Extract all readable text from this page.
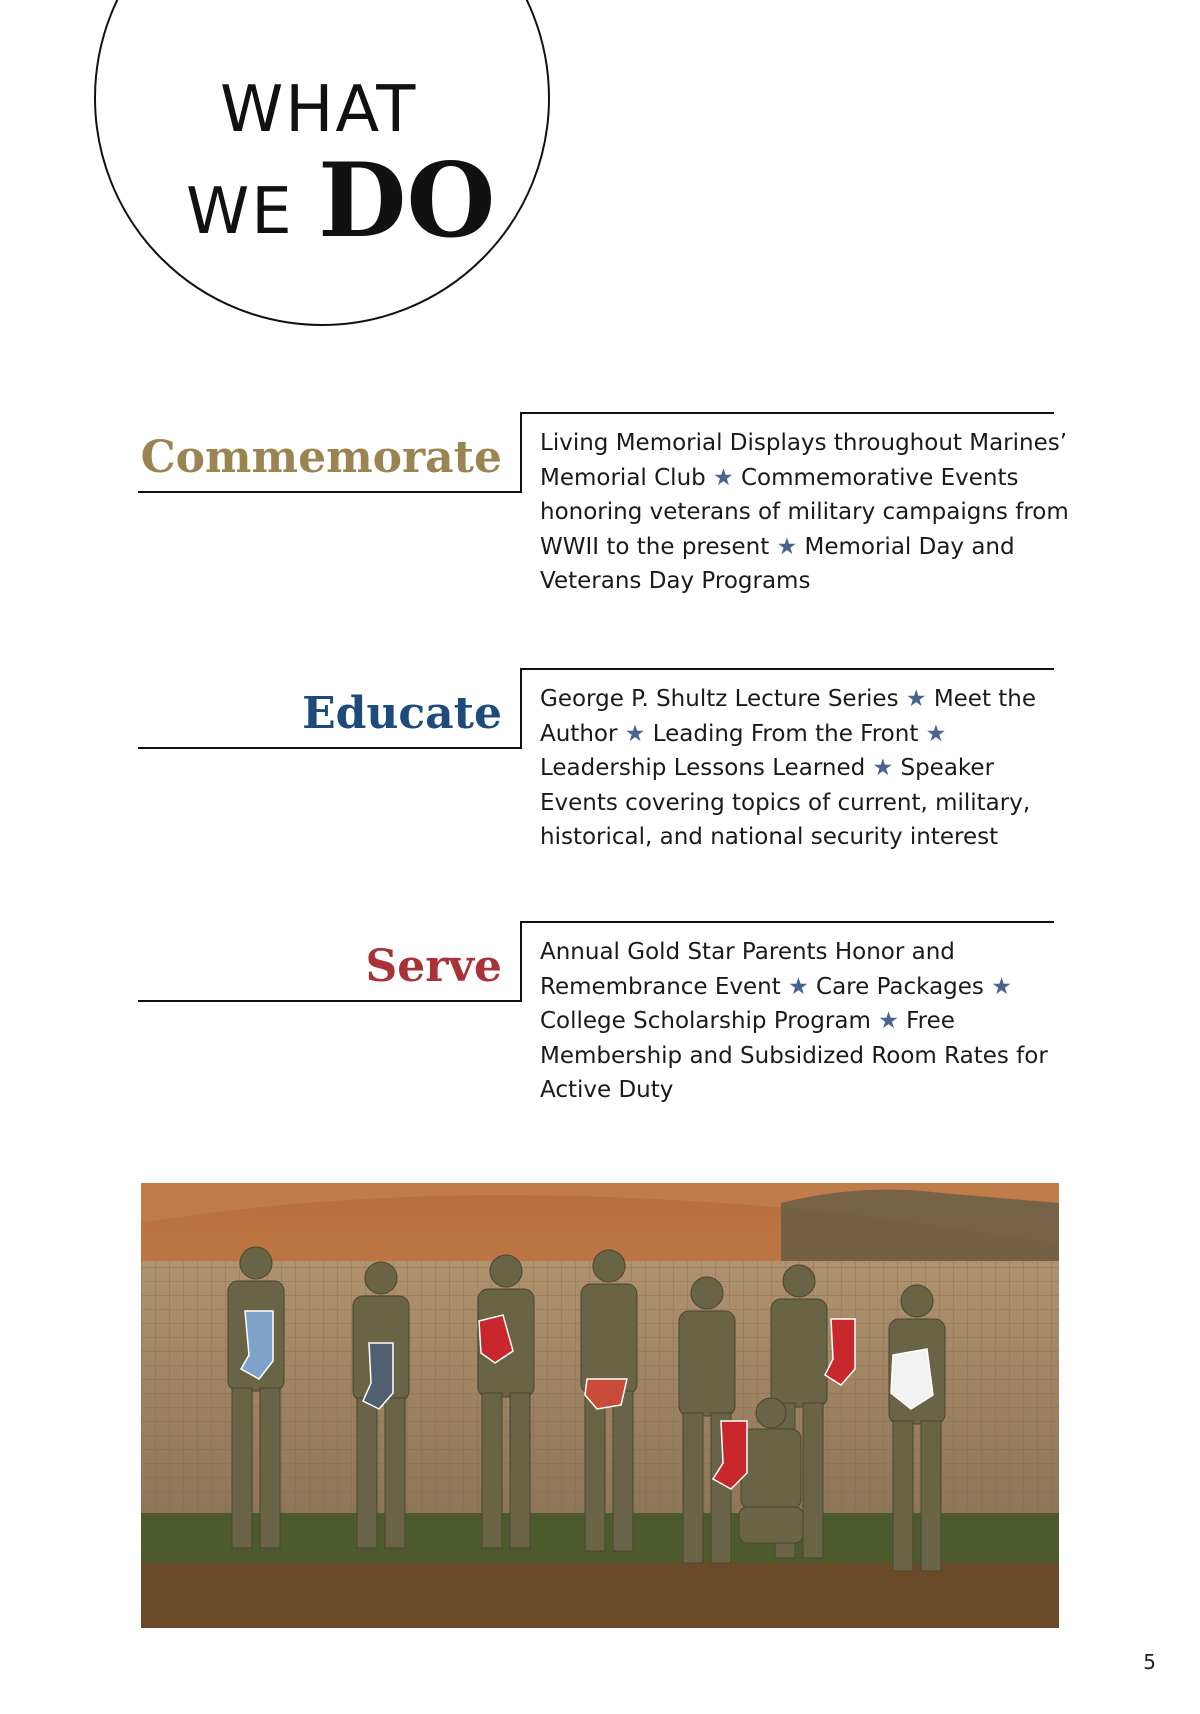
WHAT
WE DO
Commemorate Living Memorial Displays throughout Marines’ Memorial Club ★ Commemorative Events honoring veterans of military campaigns from WWII to the present ★ Memorial Day and Veterans Day Programs
Educate George P. Shultz Lecture Series ★ Meet the Author ★ Leading From the Front ★ Leadership Lessons Learned ★ Speaker Events covering topics of current, military, historical, and national security interest
Serve Annual Gold Star Parents Honor and Remembrance Event ★ Care Packages ★ College Scholarship Program ★ Free Membership and Subsidized Room Rates for Active Duty
5
